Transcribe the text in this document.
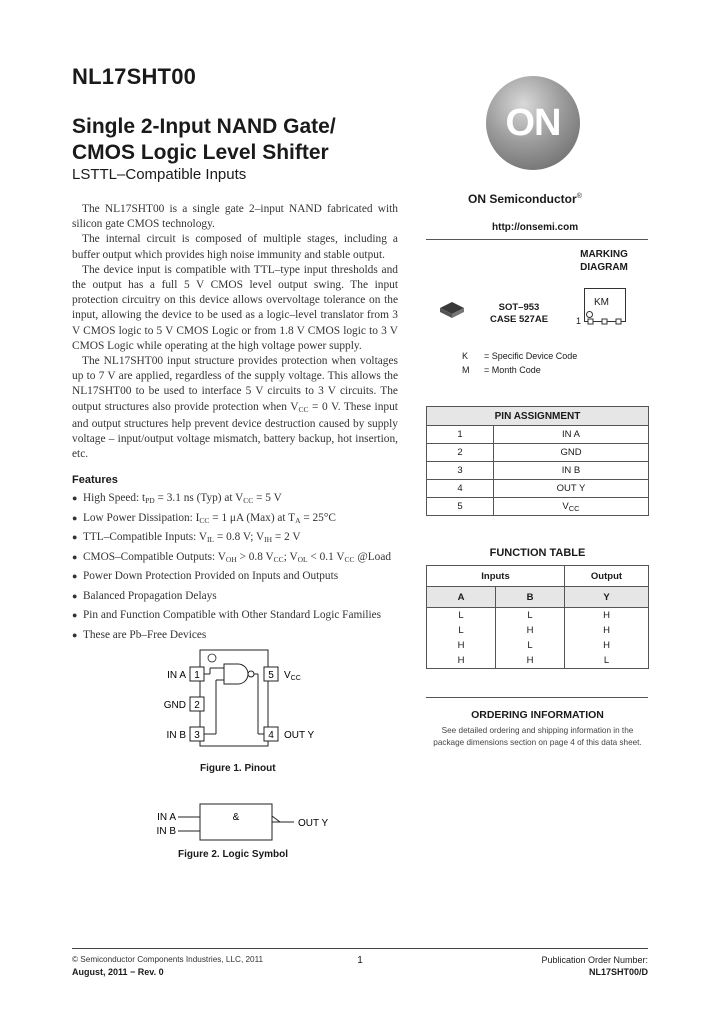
NL17SHT00
Single 2-Input NAND Gate/
CMOS Logic Level Shifter
LSTTL–Compatible Inputs

The NL17SHT00 is a single gate 2–input NAND fabricated with silicon gate CMOS technology.

The internal circuit is composed of multiple stages, including a buffer output which provides high noise immunity and stable output.

The device input is compatible with TTL–type input thresholds and the output has a full 5 V CMOS level output swing. The input protection circuitry on this device allows overvoltage tolerance on the input, allowing the device to be used as a logic–level translator from 3 V CMOS logic to 5 V CMOS Logic or from 1.8 V CMOS logic to 3 V CMOS Logic while operating at the high voltage power supply.

The NL17SHT00 input structure provides protection when voltages up to 7 V are applied, regardless of the supply voltage. This allows the NL17SHT00 to be used to interface 5 V circuits to 3 V circuits. The output structures also provide protection when $V_{CC} = 0$ V. These input and output structures help prevent device destruction caused by supply voltage – input/output voltage mismatch, battery backup, hot insertion, etc.

Features
● High Speed: $t_{PD} = 3.1$ ns (Typ) at $V_{CC} = 5$ V
● Low Power Dissipation: $I_{CC} = 1$ μA (Max) at $T_A = 25^\circ C$
● TTL–Compatible Inputs: $V_{IL} = 0.8$ V; $V_{IH} = 2$ V
● CMOS–Compatible Outputs: $V_{OH} > 0.8$ $V_{CC}$; $V_{OL} < 0.1$ $V_{CC}$ @Load
● Power Down Protection Provided on Inputs and Outputs
● Balanced Propagation Delays
● Pin and Function Compatible with Other Standard Logic Families
● These are Pb–Free Devices
1
2
3
5
4
IN A
GND
IN B
$V_{CC}$
OUT Y
Figure 1. Pinout
&
IN A
IN B
OUT Y
Figure 2. Logic Symbol
ON
ON Semiconductor®
http://onsemi.com
MARKING
DIAGRAM
SOT–953
CASE 527AE
KM
1
K = Specific Device Code
M = Month Code
PIN ASSIGNMENT	
1	IN A
2	GND
3	IN B
4	OUT Y
5	$V_{CC}$
FUNCTION TABLE
Inputs		Output
A	B	Y
L	L	H
L	H	H
H	L	H
H	H	L
ORDERING INFORMATION
See detailed ordering and shipping information in the package dimensions section on page 4 of this data sheet.
© Semiconductor Components Industries, LLC, 2011
August, 2011 − Rev. 0
1	Publication Order Number:
NL17SHT00/D
